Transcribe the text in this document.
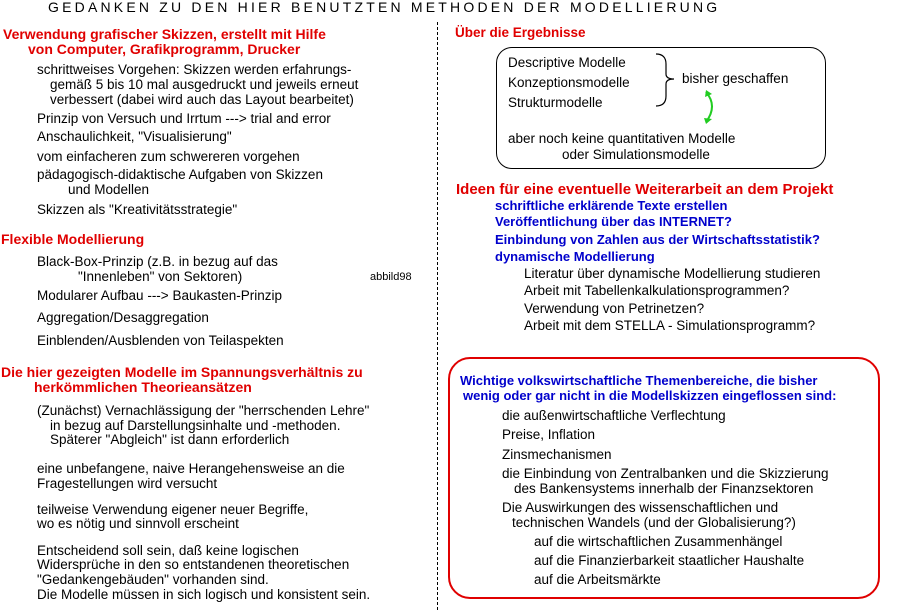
GEDANKEN ZU DEN HIER BENUTZTEN METHODEN DER MODELLIERUNG
Verwendung grafischer Skizzen, erstellt mit Hilfe
von Computer, Grafikprogramm, Drucker
schrittweises Vorgehen: Skizzen werden erfahrungs-
gemäß 5 bis 10 mal ausgedruckt und jeweils erneut
verbessert (dabei wird auch das Layout bearbeitet)
Prinzip von Versuch und Irrtum ---> trial and error
Anschaulichkeit, "Visualisierung"
vom einfacheren zum schwereren vorgehen
pädagogisch-didaktische Aufgaben von Skizzen
und Modellen
Skizzen als "Kreativitätsstrategie"
Flexible Modellierung
Black-Box-Prinzip (z.B. in bezug auf das
"Innenleben" von Sektoren)	abbild98
Modularer Aufbau ---> Baukasten-Prinzip
Aggregation/Desaggregation
Einblenden/Ausblenden von Teilaspekten
Die hier gezeigten Modelle im Spannungsverhältnis zu
herkömmlichen Theorieansätzen
(Zunächst) Vernachlässigung der "herrschenden Lehre"
in bezug auf Darstellungsinhalte und -methoden.
Späterer "Abgleich" ist dann erforderlich
eine unbefangene, naive Herangehensweise an die
Fragestellungen wird versucht
teilweise Verwendung eigener neuer Begriffe,
wo es nötig und sinnvoll erscheint
Entscheidend soll sein, daß keine logischen
Widersprüche in den so entstandenen theoretischen
"Gedankengebäuden" vorhanden sind.
Die Modelle müssen in sich logisch und konsistent sein.
Über die Ergebnisse
Descriptive Modelle
Konzeptionsmodelle
Strukturmodelle
bisher geschaffen
aber noch keine quantitativen Modelle
oder Simulationsmodelle
Ideen für eine eventuelle Weiterarbeit an dem Projekt
schriftliche erklärende Texte erstellen
Veröffentlichung über das INTERNET?
Einbindung von Zahlen aus der Wirtschaftsstatistik?
dynamische Modellierung
Literatur über dynamische Modellierung studieren
Arbeit mit Tabellenkalkulationsprogrammen?
Verwendung von Petrinetzen?
Arbeit mit dem STELLA - Simulationsprogramm?
Wichtige volkswirtschaftliche Themenbereiche, die bisher
wenig oder gar nicht in die Modellskizzen eingeflossen sind:
die außenwirtschaftliche Verflechtung
Preise, Inflation
Zinsmechanismen
die Einbindung von Zentralbanken und die Skizzierung
des Bankensystems innerhalb der Finanzsektoren
Die Auswirkungen des wissenschaftlichen und
technischen Wandels (und der Globalisierung?)
auf die wirtschaftlichen Zusammenhängel
auf die Finanzierbarkeit staatlicher Haushalte
auf die Arbeitsmärkte
